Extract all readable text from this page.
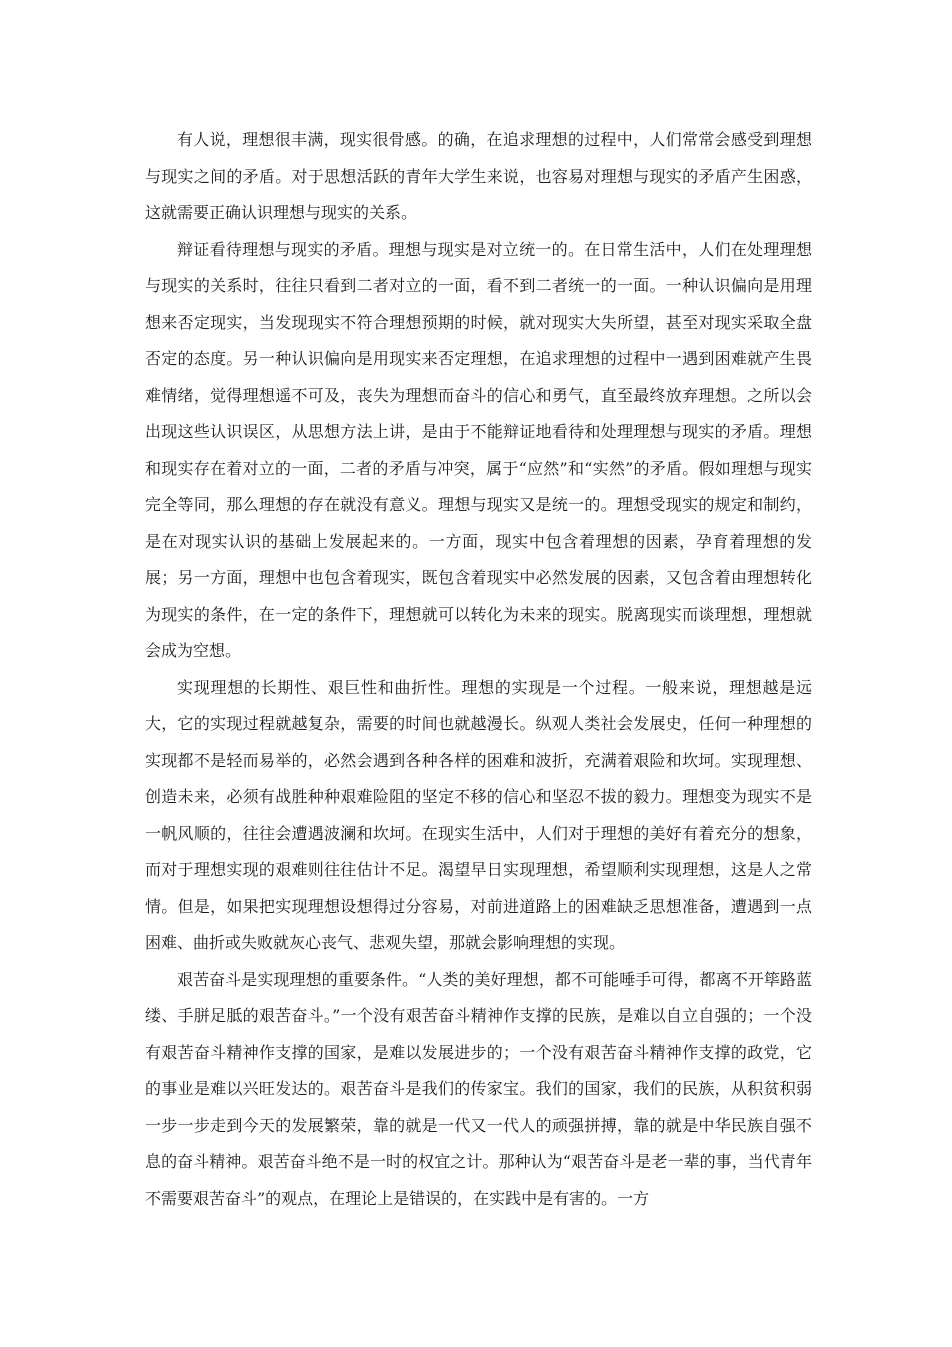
有人说，理想很丰满，现实很骨感。的确，在追求理想的过程中，人们常常会感受到理想与现实之间的矛盾。对于思想活跃的青年大学生来说，也容易对理想与现实的矛盾产生困惑，这就需要正确认识理想与现实的关系。

辩证看待理想与现实的矛盾。理想与现实是对立统一的。在日常生活中，人们在处理理想与现实的关系时，往往只看到二者对立的一面，看不到二者统一的一面。一种认识偏向是用理想来否定现实，当发现现实不符合理想预期的时候，就对现实大失所望，甚至对现实采取全盘否定的态度。另一种认识偏向是用现实来否定理想，在追求理想的过程中一遇到困难就产生畏难情绪，觉得理想遥不可及，丧失为理想而奋斗的信心和勇气，直至最终放弃理想。之所以会出现这些认识误区，从思想方法上讲，是由于不能辩证地看待和处理理想与现实的矛盾。理想和现实存在着对立的一面，二者的矛盾与冲突，属于“应然”和“实然”的矛盾。假如理想与现实完全等同，那么理想的存在就没有意义。理想与现实又是统一的。理想受现实的规定和制约，是在对现实认识的基础上发展起来的。一方面，现实中包含着理想的因素，孕育着理想的发展；另一方面，理想中也包含着现实，既包含着现实中必然发展的因素，又包含着由理想转化为现实的条件，在一定的条件下，理想就可以转化为未来的现实。脱离现实而谈理想，理想就会成为空想。

实现理想的长期性、艰巨性和曲折性。理想的实现是一个过程。一般来说，理想越是远大，它的实现过程就越复杂，需要的时间也就越漫长。纵观人类社会发展史，任何一种理想的实现都不是轻而易举的，必然会遇到各种各样的困难和波折，充满着艰险和坎坷。实现理想、创造未来，必须有战胜种种艰难险阻的坚定不移的信心和坚忍不拔的毅力。理想变为现实不是一帆风顺的，往往会遭遇波澜和坎坷。在现实生活中，人们对于理想的美好有着充分的想象，而对于理想实现的艰难则往往估计不足。渴望早日实现理想，希望顺利实现理想，这是人之常情。但是，如果把实现理想设想得过分容易，对前进道路上的困难缺乏思想准备，遭遇到一点困难、曲折或失败就灰心丧气、悲观失望，那就会影响理想的实现。

艰苦奋斗是实现理想的重要条件。“人类的美好理想，都不可能唾手可得，都离不开筚路蓝缕、手胼足胝的艰苦奋斗。”一个没有艰苦奋斗精神作支撑的民族，是难以自立自强的；一个没有艰苦奋斗精神作支撑的国家，是难以发展进步的；一个没有艰苦奋斗精神作支撑的政党，它的事业是难以兴旺发达的。艰苦奋斗是我们的传家宝。我们的国家，我们的民族，从积贫积弱一步一步走到今天的发展繁荣，靠的就是一代又一代人的顽强拼搏，靠的就是中华民族自强不息的奋斗精神。艰苦奋斗绝不是一时的权宜之计。那种认为“艰苦奋斗是老一辈的事，当代青年不需要艰苦奋斗”的观点，在理论上是错误的，在实践中是有害的。一方
